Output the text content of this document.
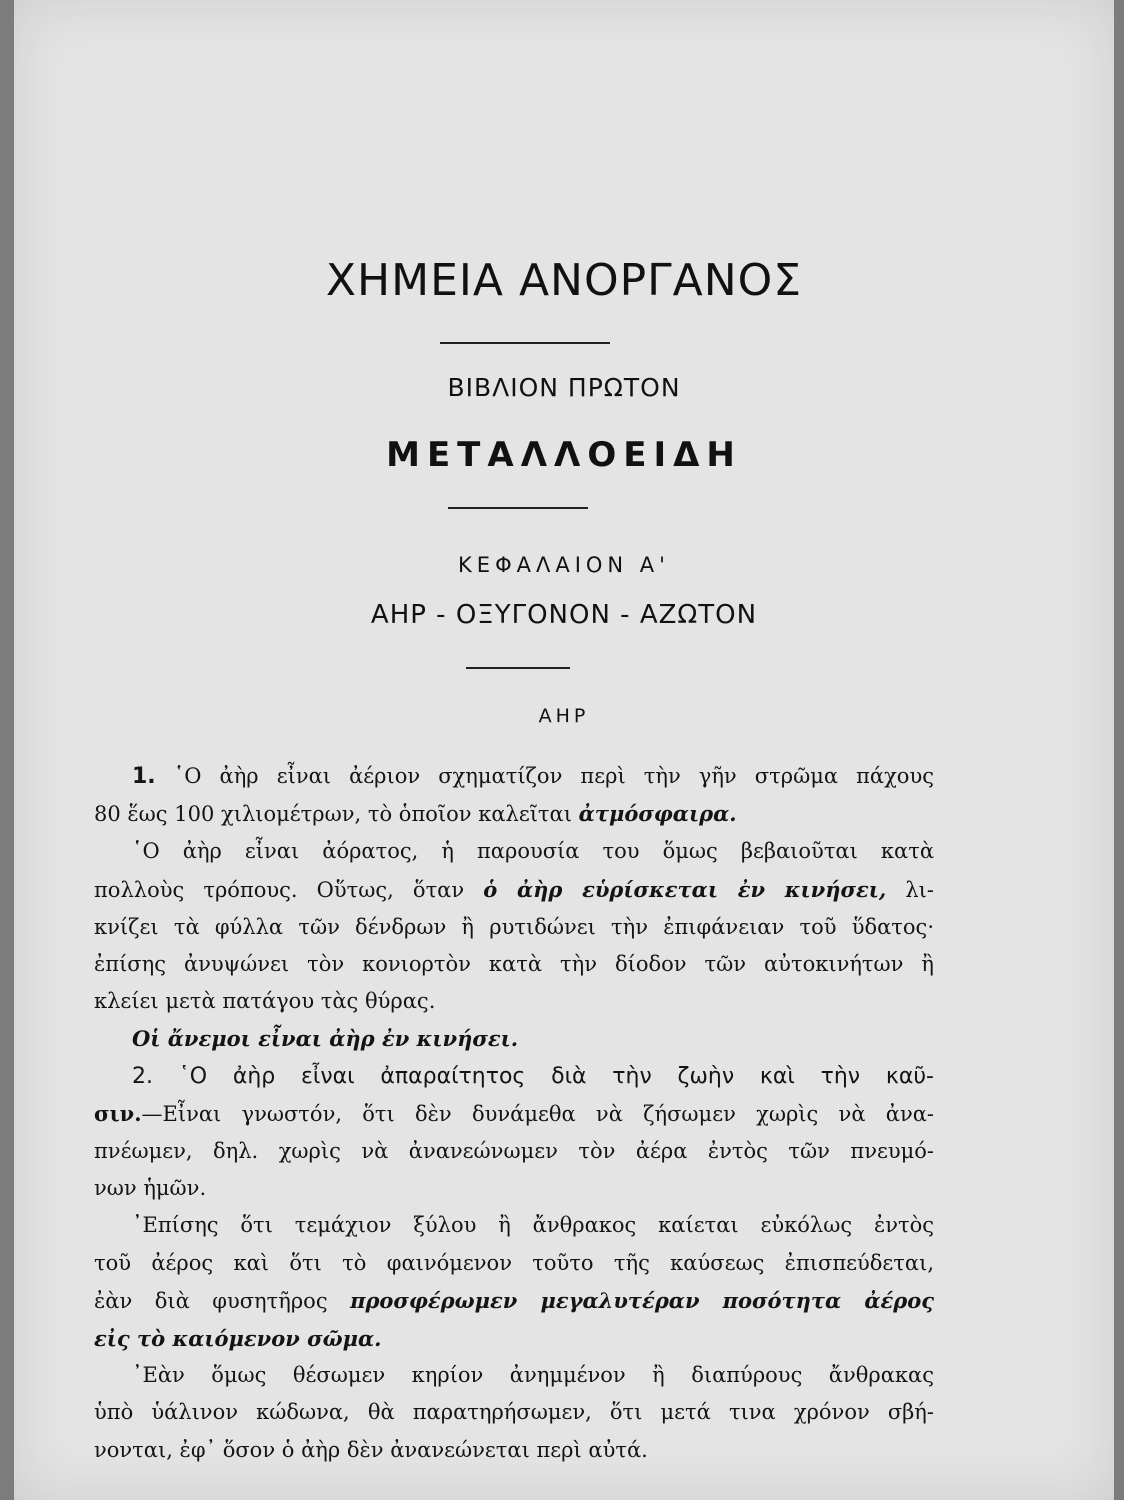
ΧΗΜΕΙΑ ΑΝΟΡΓΑΝΟΣ
ΒΙΒΛΙΟΝ ΠΡΩΤΟΝ
ΜΕΤΑΛΛΟΕΙΔΗ
ΚΕΦΑΛΑΙΟΝ Α'
ΑΗΡ - ΟΞΥΓΟΝΟΝ - ΑΖΩΤΟΝ
ΑΗΡ
1. ῾Ο ἀὴρ εἶναι ἀέριον σχηματίζον περὶ τὴν γῆν στρῶμα πάχους
80 ἕως 100 χιλιομέτρων, τὸ ὁποῖον καλεῖται ἀτμόσφαιρα.
῾Ο ἀὴρ εἶναι ἀόρατος, ἡ παρουσία του ὅμως βεβαιοῦται κατὰ
πολλοὺς τρόπους. Οὕτως, ὅταν ὁ ἀὴρ εὑρίσκεται ἐν κινήσει, λι-
κνίζει τὰ φύλλα τῶν δένδρων ἢ ρυτιδώνει τὴν ἐπιφάνειαν τοῦ ὕδατος·
ἐπίσης ἀνυψώνει τὸν κονιορτὸν κατὰ τὴν δίοδον τῶν αὐτοκινήτων ἢ
κλείει μετὰ πατάγου τὰς θύρας.
Οἱ ἄνεμοι εἶναι ἀὴρ ἐν κινήσει.
2. ῾Ο ἀὴρ εἶναι ἀπαραίτητος διὰ τὴν ζωὴν καὶ τὴν καῦ-
σιν.—Εἶναι γνωστόν, ὅτι δὲν δυνάμεθα νὰ ζήσωμεν χωρὶς νὰ ἀνα-
πνέωμεν, δηλ. χωρὶς νὰ ἀνανεώνωμεν τὸν ἀέρα ἐντὸς τῶν πνευμό-
νων ἡμῶν.
᾿Επίσης ὅτι τεμάχιον ξύλου ἢ ἄνθρακος καίεται εὐκόλως ἐντὸς
τοῦ ἀέρος καὶ ὅτι τὸ φαινόμενον τοῦτο τῆς καύσεως ἐπισπεύδεται,
ἐὰν διὰ φυσητῆρος προσφέρωμεν μεγαλυτέραν ποσότητα ἀέρος
εἰς τὸ καιόμενον σῶμα.
᾿Εὰν ὅμως θέσωμεν κηρίον ἀνημμένον ἢ διαπύρους ἄνθρακας
ὑπὸ ὑάλινον κώδωνα, θὰ παρατηρήσωμεν, ὅτι μετά τινα χρόνον σβή-
νονται, ἐφ᾿ ὅσον ὁ ἀὴρ δὲν ἀνανεώνεται περὶ αὐτά.
